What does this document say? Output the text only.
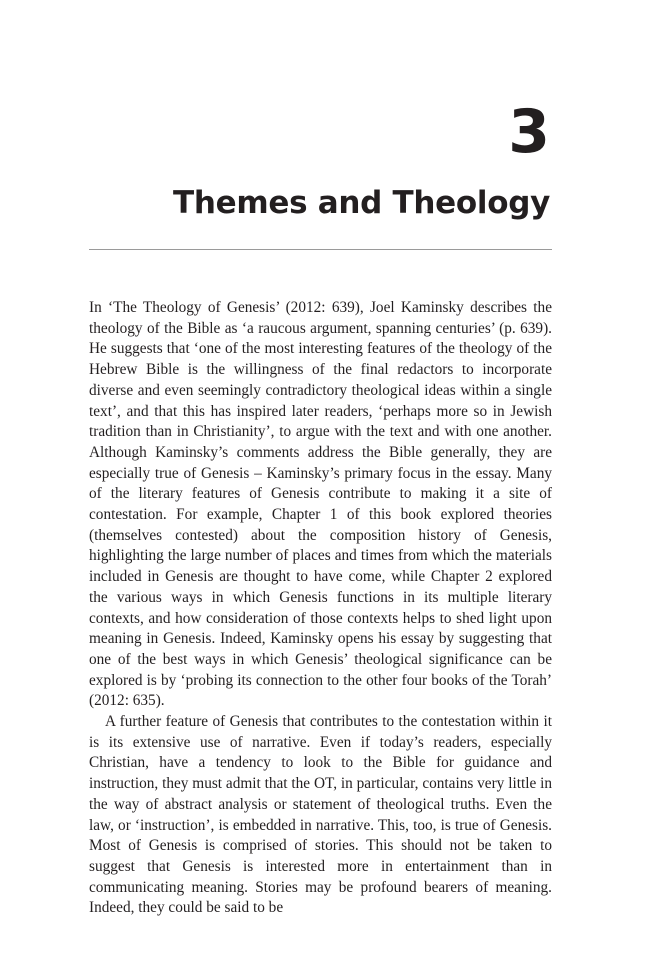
3
Themes and Theology

In ‘The Theology of Genesis’ (2012: 639), Joel Kaminsky describes the theology of the Bible as ‘a raucous argument, spanning centuries’ (p. 639). He suggests that ‘one of the most interesting features of the theology of the Hebrew Bible is the willingness of the final redactors to incorporate diverse and even seemingly contradictory theological ideas within a single text’, and that this has inspired later readers, ‘perhaps more so in Jewish tradition than in Christianity’, to argue with the text and with one another. Although Kaminsky’s comments address the Bible generally, they are especially true of Genesis – Kaminsky’s primary focus in the essay. Many of the literary features of Genesis contribute to making it a site of contestation. For example, Chapter 1 of this book explored theories (themselves contested) about the composition history of Genesis, highlighting the large number of places and times from which the materials included in Genesis are thought to have come, while Chapter 2 explored the various ways in which Genesis functions in its multiple literary contexts, and how consideration of those contexts helps to shed light upon meaning in Genesis. Indeed, Kaminsky opens his essay by suggesting that one of the best ways in which Genesis’ theological significance can be explored is by ‘probing its connection to the other four books of the Torah’ (2012: 635).

A further feature of Genesis that contributes to the contestation within it is its extensive use of narrative. Even if today’s readers, especially Christian, have a tendency to look to the Bible for guidance and instruction, they must admit that the OT, in particular, contains very little in the way of abstract analysis or statement of theological truths. Even the law, or ‘instruction’, is embedded in narrative. This, too, is true of Genesis. Most of Genesis is comprised of stories. This should not be taken to suggest that Genesis is interested more in entertainment than in communicating meaning. Stories may be profound bearers of meaning. Indeed, they could be said to be
